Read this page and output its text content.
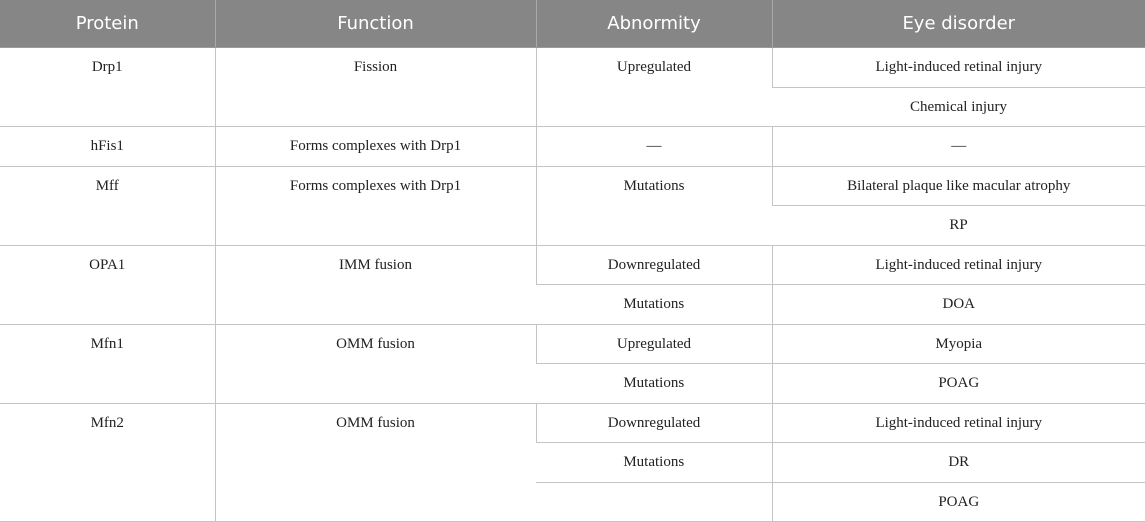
Protein	Function	Abnormity	Eye disorder
Drp1	Fission	Upregulated	Light-induced retinal injury
			Chemical injury
hFis1	Forms complexes with Drp1	—	—
Mff	Forms complexes with Drp1	Mutations	Bilateral plaque like macular atrophy
			RP
OPA1	IMM fusion	Downregulated	Light-induced retinal injury
		Mutations	DOA
Mfn1	OMM fusion	Upregulated	Myopia
		Mutations	POAG
Mfn2	OMM fusion	Downregulated	Light-induced retinal injury
		Mutations	DR
			POAG
